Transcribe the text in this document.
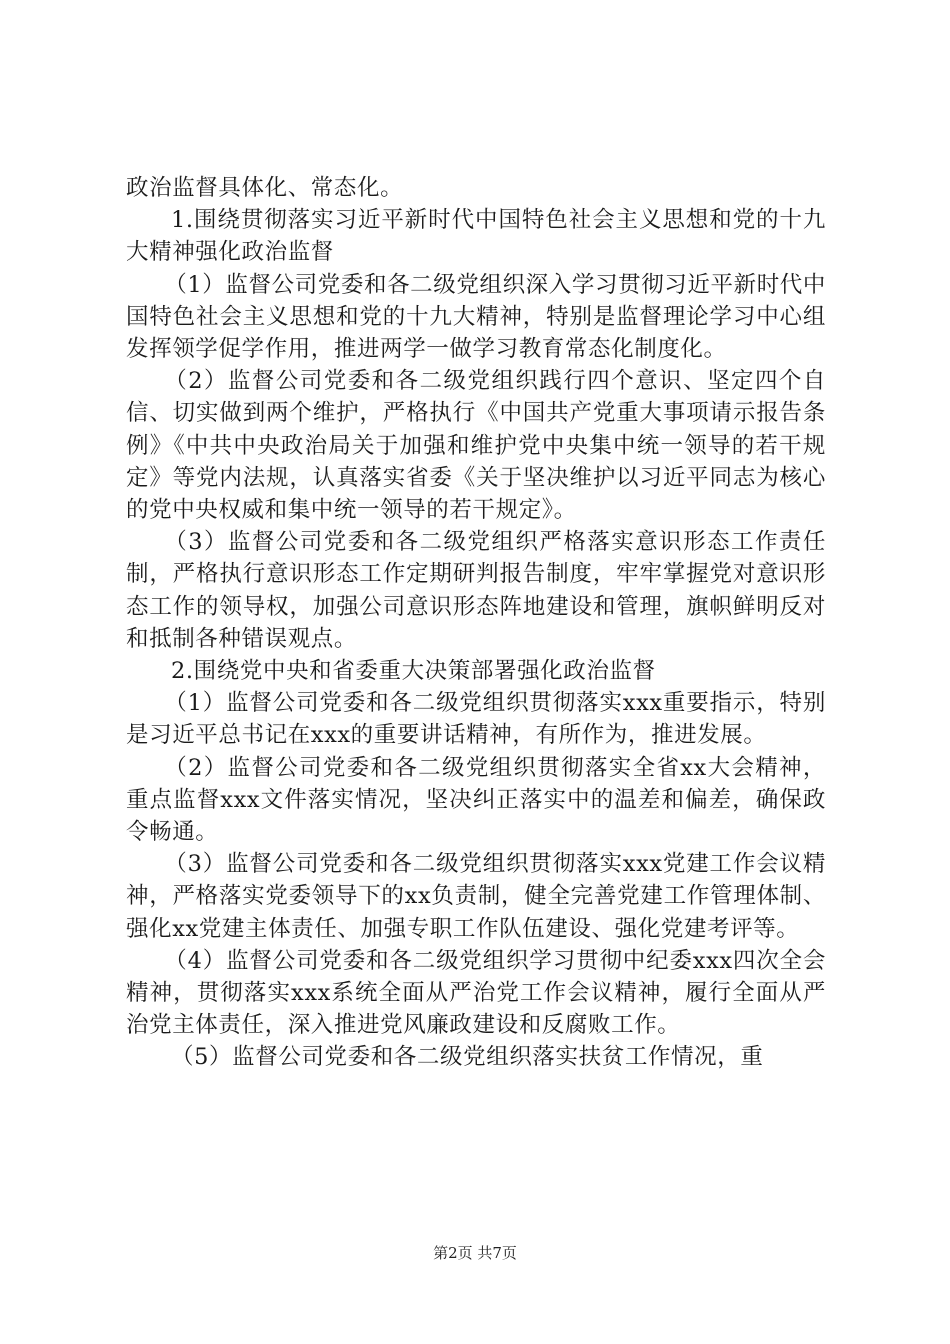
政治监督具体化、常态化。

1.围绕贯彻落实习近平新时代中国特色社会主义思想和党的十九大精神强化政治监督

（1）监督公司党委和各二级党组织深入学习贯彻习近平新时代中国特色社会主义思想和党的十九大精神，特别是监督理论学习中心组发挥领学促学作用，推进两学一做学习教育常态化制度化。

（2）监督公司党委和各二级党组织践行四个意识、坚定四个自信、切实做到两个维护，严格执行《中国共产党重大事项请示报告条例》《中共中央政治局关于加强和维护党中央集中统一领导的若干规定》等党内法规，认真落实省委《关于坚决维护以习近平同志为核心的党中央权威和集中统一领导的若干规定》。

（3）监督公司党委和各二级党组织严格落实意识形态工作责任制，严格执行意识形态工作定期研判报告制度，牢牢掌握党对意识形态工作的领导权，加强公司意识形态阵地建设和管理，旗帜鲜明反对和抵制各种错误观点。

2.围绕党中央和省委重大决策部署强化政治监督

（1）监督公司党委和各二级党组织贯彻落实xxx重要指示，特别是习近平总书记在xxx的重要讲话精神，有所作为，推进发展。

（2）监督公司党委和各二级党组织贯彻落实全省xx大会精神，重点监督xxx文件落实情况，坚决纠正落实中的温差和偏差，确保政令畅通。

（3）监督公司党委和各二级党组织贯彻落实xxx党建工作会议精神，严格落实党委领导下的xx负责制，健全完善党建工作管理体制、强化xx党建主体责任、加强专职工作队伍建设、强化党建考评等。

（4）监督公司党委和各二级党组织学习贯彻中纪委xxx四次全会精神，贯彻落实xxx系统全面从严治党工作会议精神，履行全面从严治党主体责任，深入推进党风廉政建设和反腐败工作。

（5）监督公司党委和各二级党组织落实扶贫工作情况，重

第2页 共7页
